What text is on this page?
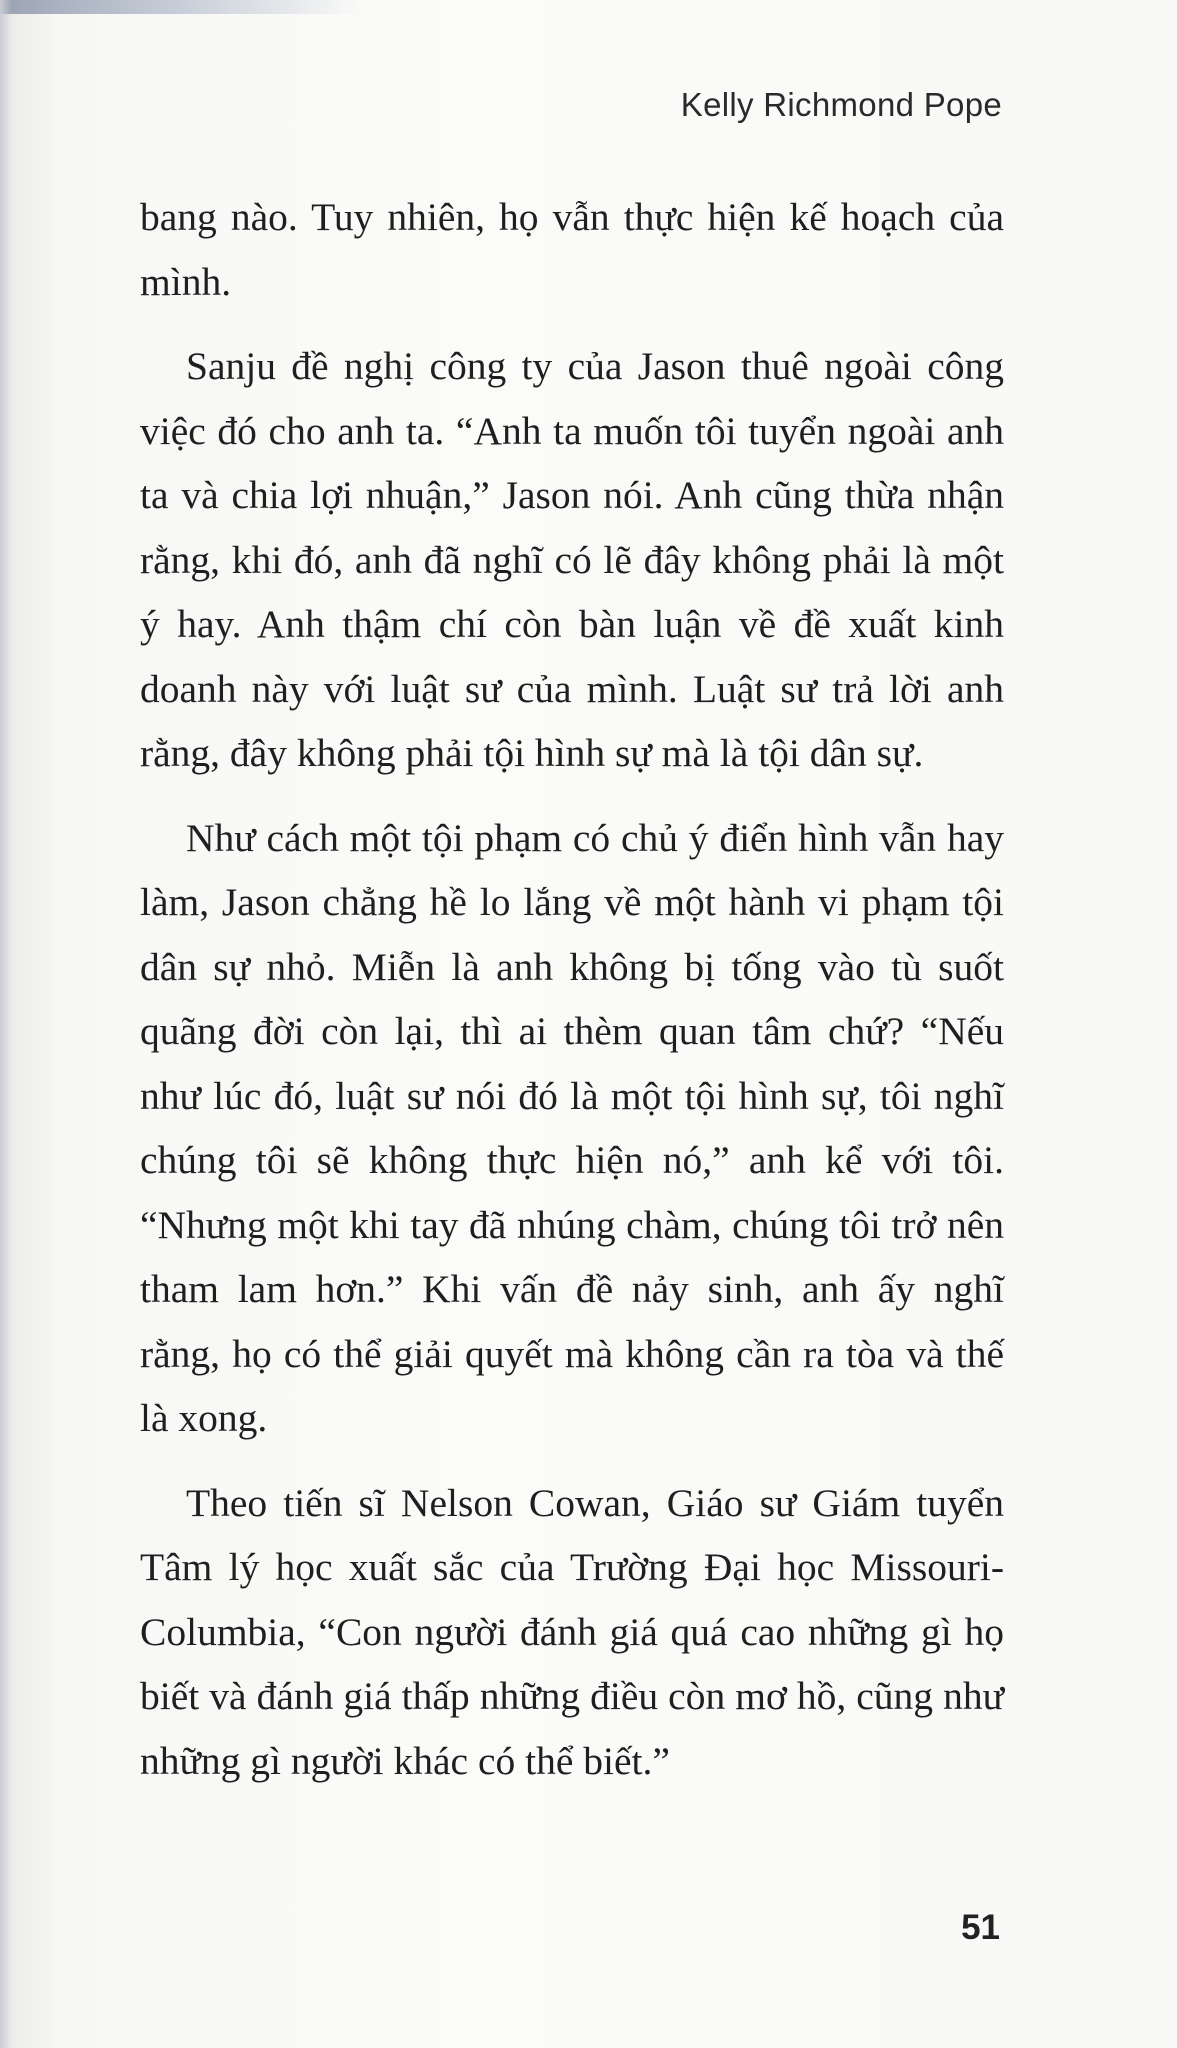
Kelly Richmond Pope

bang nào. Tuy nhiên, họ vẫn thực hiện kế hoạch của mình.

Sanju đề nghị công ty của Jason thuê ngoài công việc đó cho anh ta. “Anh ta muốn tôi tuyển ngoài anh ta và chia lợi nhuận,” Jason nói. Anh cũng thừa nhận rằng, khi đó, anh đã nghĩ có lẽ đây không phải là một ý hay. Anh thậm chí còn bàn luận về đề xuất kinh doanh này với luật sư của mình. Luật sư trả lời anh rằng, đây không phải tội hình sự mà là tội dân sự.

Như cách một tội phạm có chủ ý điển hình vẫn hay làm, Jason chẳng hề lo lắng về một hành vi phạm tội dân sự nhỏ. Miễn là anh không bị tống vào tù suốt quãng đời còn lại, thì ai thèm quan tâm chứ? “Nếu như lúc đó, luật sư nói đó là một tội hình sự, tôi nghĩ chúng tôi sẽ không thực hiện nó,” anh kể với tôi. “Nhưng một khi tay đã nhúng chàm, chúng tôi trở nên tham lam hơn.” Khi vấn đề nảy sinh, anh ấy nghĩ rằng, họ có thể giải quyết mà không cần ra tòa và thế là xong.

Theo tiến sĩ Nelson Cowan, Giáo sư Giám tuyển Tâm lý học xuất sắc của Trường Đại học Missouri-Columbia, “Con người đánh giá quá cao những gì họ biết và đánh giá thấp những điều còn mơ hồ, cũng như những gì người khác có thể biết.”

51
